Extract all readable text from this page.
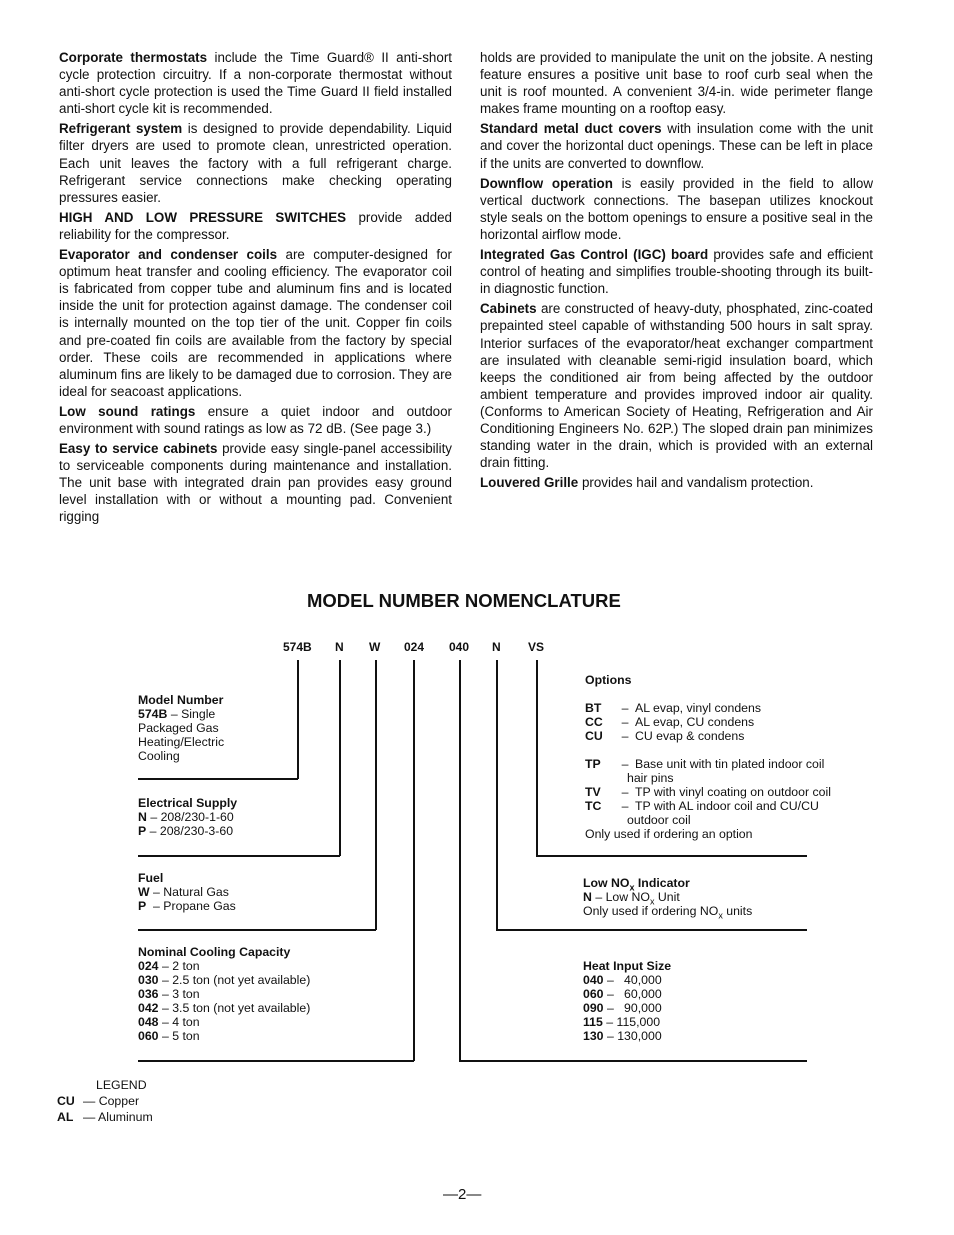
Corporate thermostats include the Time Guard® II anti-short cycle protection circuitry. If a non-corporate thermostat without anti-short cycle protection is used the Time Guard II field installed anti-short cycle kit is recommended.

Refrigerant system is designed to provide dependability. Liquid filter dryers are used to promote clean, unrestricted operation. Each unit leaves the factory with a full refrigerant charge. Refrigerant service connections make checking operating pressures easier.

HIGH AND LOW PRESSURE SWITCHES provide added reliability for the compressor.

Evaporator and condenser coils are computer-designed for optimum heat transfer and cooling efficiency. The evaporator coil is fabricated from copper tube and aluminum fins and is located inside the unit for protection against damage. The condenser coil is internally mounted on the top tier of the unit. Copper fin coils and pre-coated fin coils are available from the factory by special order. These coils are recommended in applications where aluminum fins are likely to be damaged due to corrosion. They are ideal for seacoast applications.

Low sound ratings ensure a quiet indoor and outdoor environment with sound ratings as low as 72 dB. (See page 3.)

Easy to service cabinets provide easy single-panel accessibility to serviceable components during maintenance and installation. The unit base with integrated drain pan provides easy ground level installation with or without a mounting pad. Convenient rigging

holds are provided to manipulate the unit on the jobsite. A nesting feature ensures a positive unit base to roof curb seal when the unit is roof mounted. A convenient 3/4-in. wide perimeter flange makes frame mounting on a rooftop easy.

Standard metal duct covers with insulation come with the unit and cover the horizontal duct openings. These can be left in place if the units are converted to downflow.

Downflow operation is easily provided in the field to allow vertical ductwork connections. The basepan utilizes knockout style seals on the bottom openings to ensure a positive seal in the horizontal airflow mode.

Integrated Gas Control (IGC) board provides safe and efficient control of heating and simplifies trouble-shooting through its built-in diagnostic function.

Cabinets are constructed of heavy-duty, phosphated, zinc-coated prepainted steel capable of withstanding 500 hours in salt spray. Interior surfaces of the evaporator/heat exchanger compartment are insulated with cleanable semi-rigid insulation board, which keeps the conditioned air from being affected by the outdoor ambient temperature and provides improved indoor air quality. (Conforms to American Society of Heating, Refrigeration and Air Conditioning Engineers No. 62P.) The sloped drain pan minimizes standing water in the drain, which is provided with an external drain fitting.

Louvered Grille provides hail and vandalism protection.

MODEL NUMBER NOMENCLATURE
574B N W 024 040 N VS
Model Number
574B – Single
Packaged Gas
Heating/Electric
Cooling
Electrical Supply
N – 208/230-1-60
P – 208/230-3-60
Fuel
W – Natural Gas
P – Propane Gas
Nominal Cooling Capacity
024 – 2 ton
030 – 2.5 ton (not yet available)
036 – 3 ton
042 – 3.5 ton (not yet available)
048 – 4 ton
060 – 5 ton
Options
BT – AL evap, vinyl condens
CC – AL evap, CU condens
CU – CU evap & condens
TP – Base unit with tin plated indoor coil
hair pins
TV – TP with vinyl coating on outdoor coil
TC – TP with AL indoor coil and CU/CU
outdoor coil
Only used if ordering an option
Low $NO_x$ Indicator
N – Low $NO_x$ Unit
Only used if ordering $NO_x$ units
Heat Input Size
040 –   40,000
060 –   60,000
090 –   90,000
115 – 115,000
130 – 130,000
LEGEND
CU — Copper
AL — Aluminum
—2—
